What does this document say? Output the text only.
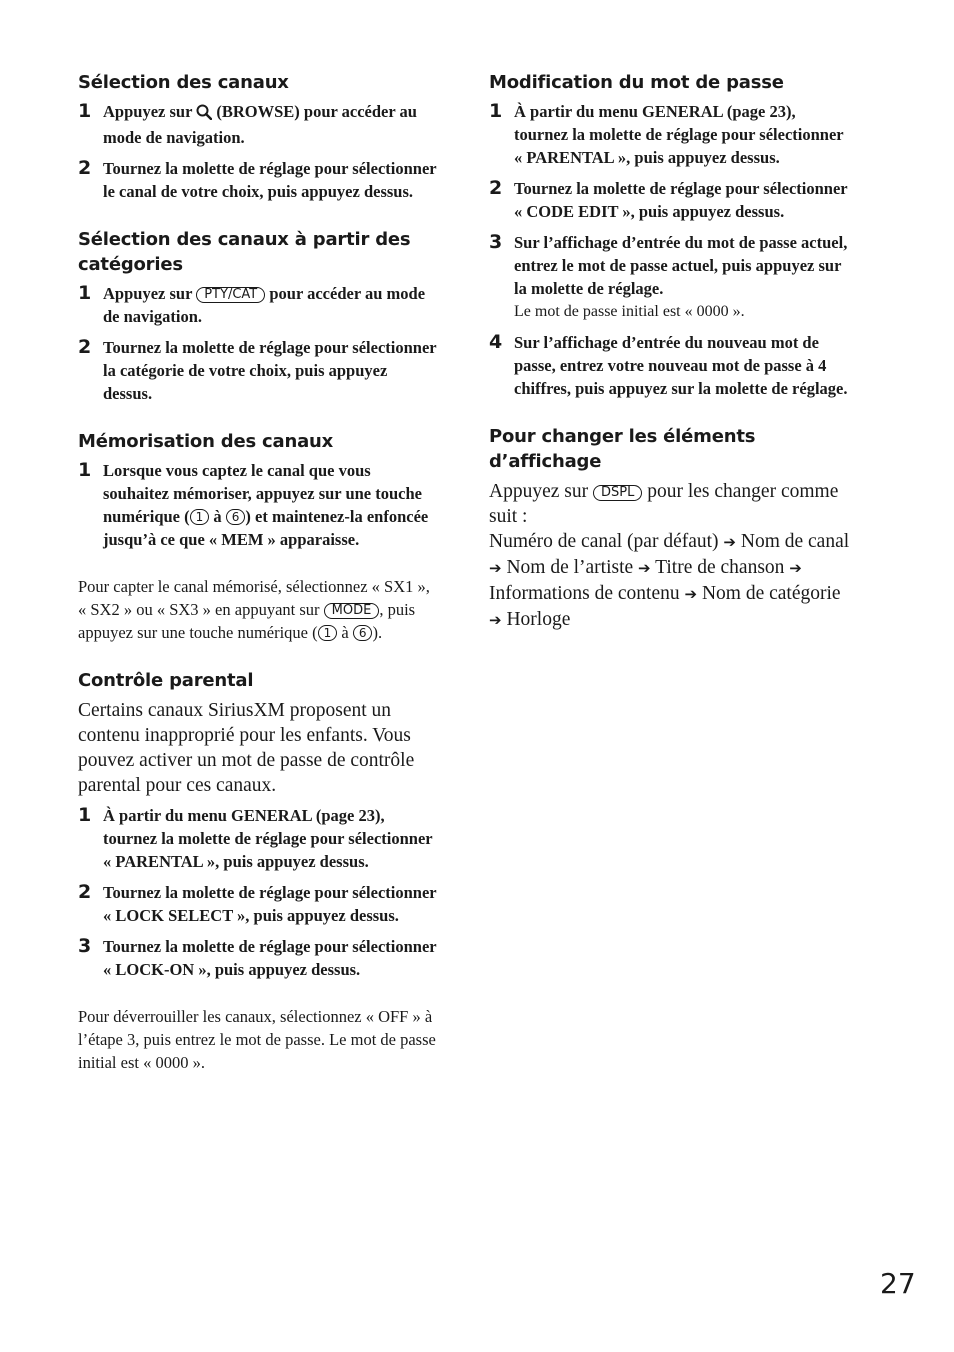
Sélection des canaux
1 Appuyez sur (BROWSE) pour accéder au mode de navigation.
2 Tournez la molette de réglage pour sélectionner le canal de votre choix, puis appuyez dessus.
Sélection des canaux à partir des catégories
1 Appuyez sur PTY/CAT pour accéder au mode de navigation.
2 Tournez la molette de réglage pour sélectionner la catégorie de votre choix, puis appuyez dessus.
Mémorisation des canaux
1 Lorsque vous captez le canal que vous souhaitez mémoriser, appuyez sur une touche numérique ( 1 à 6 ) et maintenez-la enfoncée jusqu’à ce que « MEM » apparaisse.

Pour capter le canal mémorisé, sélectionnez « SX1 », « SX2 » ou « SX3 » en appuyant sur MODE , puis appuyez sur une touche numérique ( 1 à 6 ).

Contrôle parental

Certains canaux SiriusXM proposent un contenu inapproprié pour les enfants. Vous pouvez activer un mot de passe de contrôle parental pour ces canaux.

1 À partir du menu GENERAL (page 23), tournez la molette de réglage pour sélectionner « PARENTAL », puis appuyez dessus.
2 Tournez la molette de réglage pour sélectionner « LOCK SELECT », puis appuyez dessus.
3 Tournez la molette de réglage pour sélectionner « LOCK-ON », puis appuyez dessus.

Pour déverrouiller les canaux, sélectionnez « OFF » à l’étape 3, puis entrez le mot de passe. Le mot de passe initial est « 0000 ».

Modification du mot de passe
1 À partir du menu GENERAL (page 23), tournez la molette de réglage pour sélectionner « PARENTAL », puis appuyez dessus.
2 Tournez la molette de réglage pour sélectionner « CODE EDIT », puis appuyez dessus.
3 Sur l’affichage d’entrée du mot de passe actuel, entrez le mot de passe actuel, puis appuyez sur la molette de réglage.
Le mot de passe initial est « 0000 ».
4 Sur l’affichage d’entrée du nouveau mot de passe, entrez votre nouveau mot de passe à 4 chiffres, puis appuyez sur la molette de réglage.
Pour changer les éléments d’affichage

Appuyez sur DSPL pour les changer comme suit :
Numéro de canal (par défaut) ➔ Nom de canal ➔ Nom de l’artiste ➔ Titre de chanson ➔ Informations de contenu ➔ Nom de catégorie ➔ Horloge

27
